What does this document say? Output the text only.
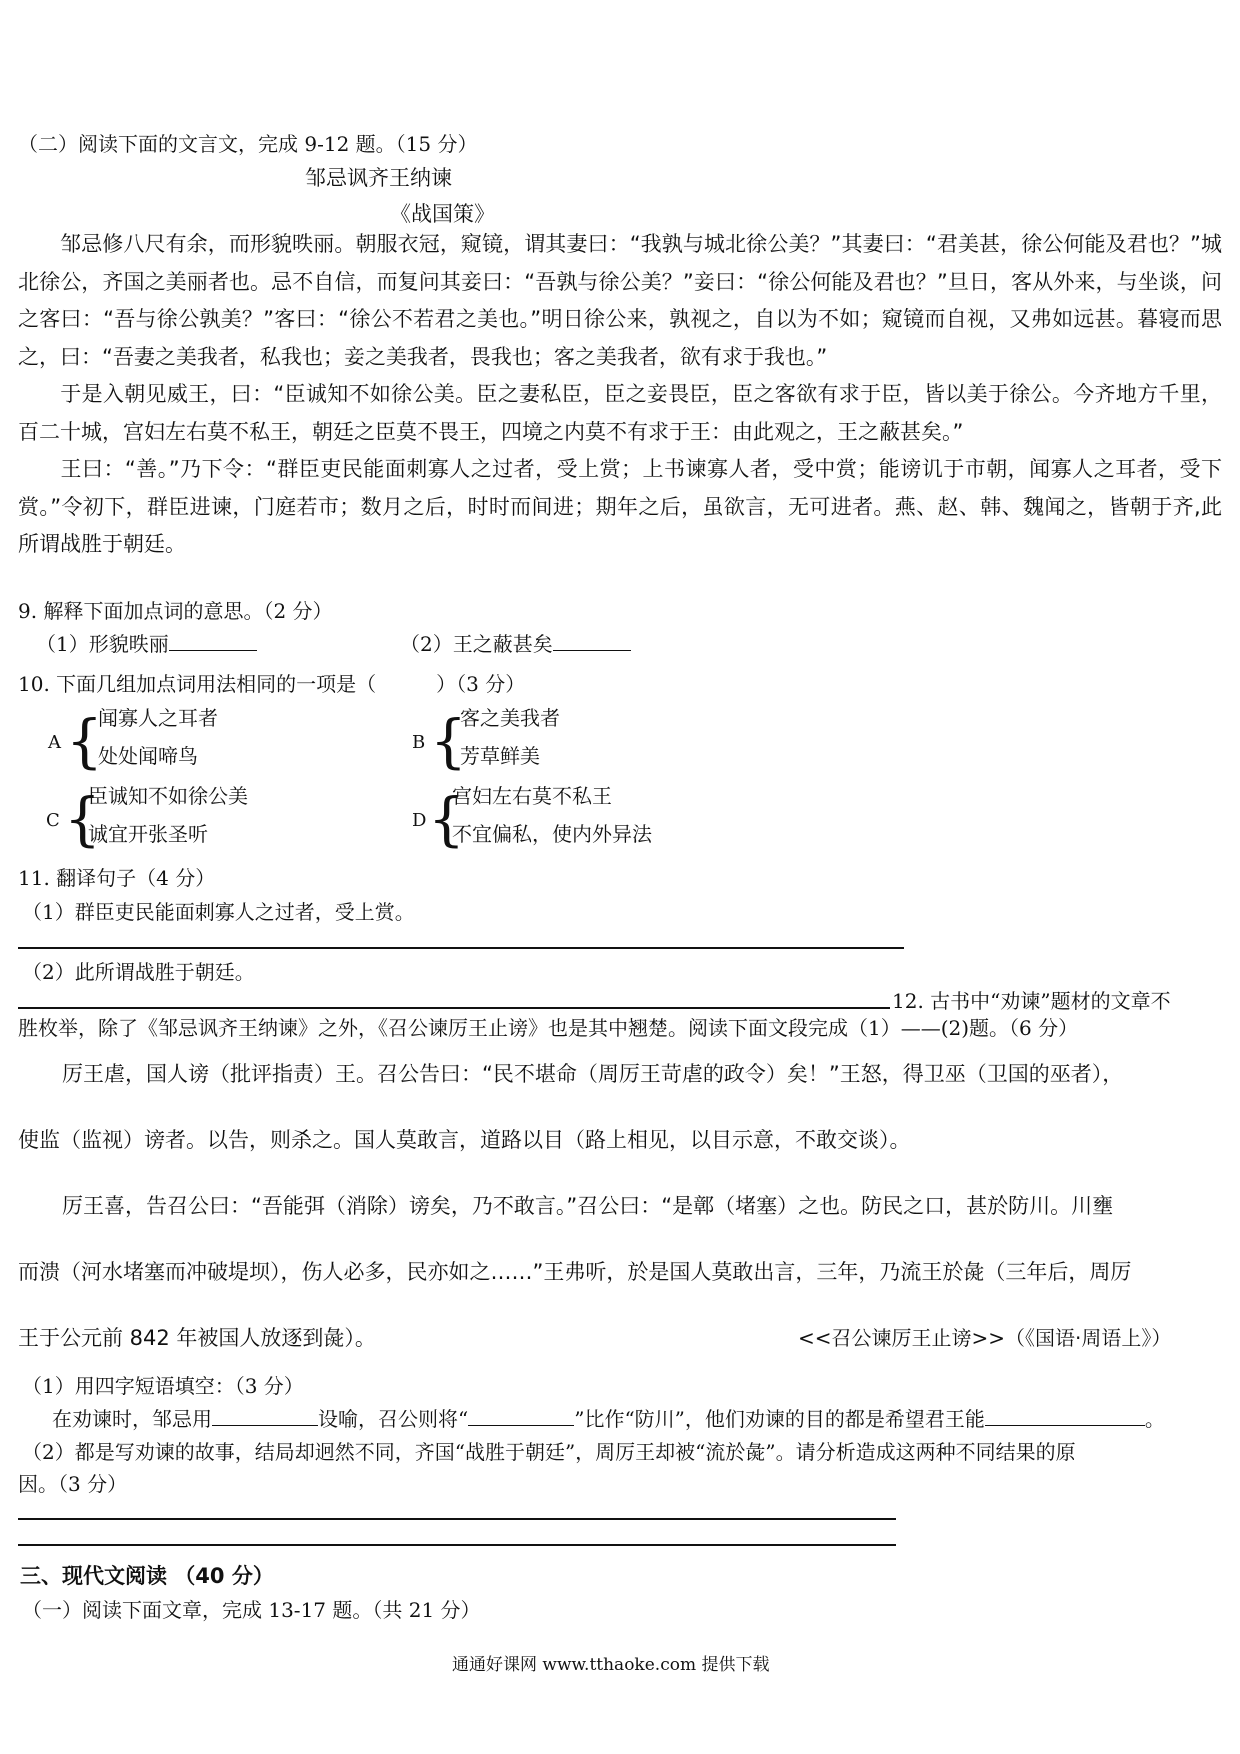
（二）阅读下面的文言文，完成 9-12 题。（15 分）
邹忌讽齐王纳谏
《战国策》
邹忌修八尺有余，而形貌昳丽。朝服衣冠，窥镜，谓其妻曰：“我孰与城北徐公美？”其妻曰：“君美甚，徐公何能及君也？”城北徐公，齐国之美丽者也。忌不自信，而复问其妾曰：“吾孰与徐公美？”妾曰：“徐公何能及君也？”旦日，客从外来，与坐谈，问之客曰：“吾与徐公孰美？”客曰：“徐公不若君之美也。”明日徐公来，孰视之，自以为不如；窥镜而自视，又弗如远甚。暮寝而思之，曰：“吾妻之美我者，私我也；妾之美我者，畏我也；客之美我者，欲有求于我也。”
于是入朝见威王，曰：“臣诚知不如徐公美。臣之妻私臣，臣之妾畏臣，臣之客欲有求于臣，皆以美于徐公。今齐地方千里，百二十城，宫妇左右莫不私王，朝廷之臣莫不畏王，四境之内莫不有求于王：由此观之，王之蔽甚矣。”
王曰：“善。”乃下令：“群臣吏民能面刺寡人之过者，受上赏；上书谏寡人者，受中赏；能谤讥于市朝，闻寡人之耳者，受下赏。”令初下，群臣进谏，门庭若市；数月之后，时时而间进；期年之后，虽欲言，无可进者。燕、赵、韩、魏闻之，皆朝于齐,此所谓战胜于朝廷。
9. 解释下面加点词的意思。（2 分）
（1）形貌昳丽	（2）王之蔽甚矣
10. 下面几组加点词用法相同的一项是（　　　）（3 分）
A {
闻寡人之耳者
处处闻啼鸟
B {
客之美我者
芳草鲜美
C {
臣诚知不如徐公美
诚宜开张圣听
D {
宫妇左右莫不私王
不宜偏私，使内外异法
11. 翻译句子（4 分）
（1）群臣吏民能面刺寡人之过者，受上赏。
（2）此所谓战胜于朝廷。
12. 古书中“劝谏”题材的文章不
胜枚举，除了《邹忌讽齐王纳谏》之外，《召公谏厉王止谤》也是其中翘楚。阅读下面文段完成（1）——(2)题。（6 分）
厉王虐，国人谤（批评指责）王。召公告曰：“民不堪命（周厉王苛虐的政令）矣！”王怒，得卫巫（卫国的巫者），
使监（监视）谤者。以告，则杀之。国人莫敢言，道路以目（路上相见，以目示意，不敢交谈）。
厉王喜，告召公曰：“吾能弭（消除）谤矣，乃不敢言。”召公曰：“是鄣（堵塞）之也。防民之口，甚於防川。川壅
而溃（河水堵塞而冲破堤坝），伤人必多，民亦如之……”王弗听，於是国人莫敢出言，三年，乃流王於彘（三年后，周厉
王于公元前 842 年被国人放逐到彘）。	<<召公谏厉王止谤>>（《国语·周语上》）
（1）用四字短语填空：（3 分）
在劝谏时，邹忌用	设喻，召公则将“	”比作“防川”，他们劝谏的目的都是希望君王能	。
（2）都是写劝谏的故事，结局却迥然不同，齐国“战胜于朝廷”，周厉王却被“流於彘”。请分析造成这两种不同结果的原
因。（3 分）
三、现代文阅读 （40 分）
（一）阅读下面文章，完成 13-17 题。（共 21 分）
通通好课网 www.tthaoke.com 提供下载
